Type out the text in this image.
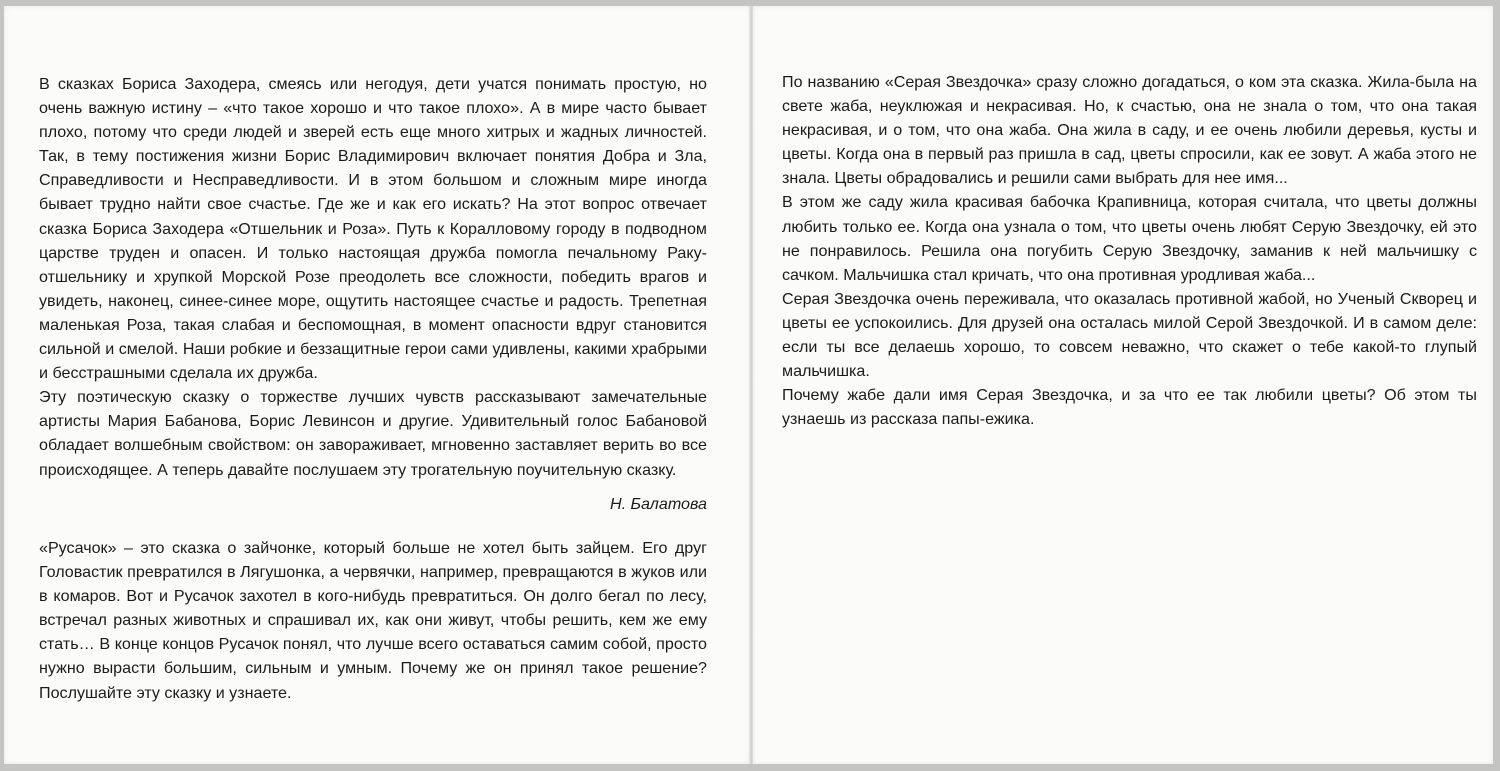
В сказках Бориса Заходера, смеясь или негодуя, дети учатся понимать простую, но очень важную истину – «что такое хорошо и что такое плохо». А в мире часто бывает плохо, потому что среди людей и зверей есть еще много хитрых и жадных личностей. Так, в тему постижения жизни Борис Владимирович включает понятия Добра и Зла, Справедливости и Несправедливости. И в этом большом и сложным мире иногда бывает трудно найти свое счастье. Где же и как его искать? На этот вопрос отвечает сказка Бориса Заходера «Отшельник и Роза». Путь к Коралловому городу в подводном царстве труден и опасен. И только настоящая дружба помогла печальному Раку-отшельнику и хрупкой Морской Розе преодолеть все сложности, победить врагов и увидеть, наконец, синее-синее море, ощутить настоящее счастье и радость. Трепетная маленькая Роза, такая слабая и беспомощная, в момент опасности вдруг становится сильной и смелой. Наши робкие и беззащитные герои сами удивлены, какими храбрыми и бесстрашными сделала их дружба.

Эту поэтическую сказку о торжестве лучших чувств рассказывают замечательные артисты Мария Бабанова, Борис Левинсон и другие. Удивительный голос Бабановой обладает волшебным свойством: он завораживает, мгновенно заставляет верить во все происходящее. А теперь давайте послушаем эту трогательную поучительную сказку.

Н. Балатова

«Русачок» – это сказка о зайчонке, который больше не хотел быть зайцем. Его друг Головастик превратился в Лягушонка, а червячки, например, превращаются в жуков или в комаров. Вот и Русачок захотел в кого-нибудь превратиться. Он долго бегал по лесу, встречал разных животных и спрашивал их, как они живут, чтобы решить, кем же ему стать… В конце концов Русачок понял, что лучше всего оставаться самим собой, просто нужно вырасти большим, сильным и умным. Почему же он принял такое решение? Послушайте эту сказку и узнаете.

По названию «Серая Звездочка» сразу сложно догадаться, о ком эта сказка. Жила-была на свете жаба, неуклюжая и некрасивая. Но, к счастью, она не знала о том, что она такая некрасивая, и о том, что она жаба. Она жила в саду, и ее очень любили деревья, кусты и цветы. Когда она в первый раз пришла в сад, цветы спросили, как ее зовут. А жаба этого не знала. Цветы обрадовались и решили сами выбрать для нее имя...

В этом же саду жила красивая бабочка Крапивница, которая считала, что цветы должны любить только ее. Когда она узнала о том, что цветы очень любят Серую Звездочку, ей это не понравилось. Решила она погубить Серую Звездочку, заманив к ней мальчишку с сачком. Мальчишка стал кричать, что она противная уродливая жаба...

Серая Звездочка очень переживала, что оказалась противной жабой, но Ученый Скворец и цветы ее успокоились. Для друзей она осталась милой Серой Звездочкой. И в самом деле: если ты все делаешь хорошо, то совсем неважно, что скажет о тебе какой-то глупый мальчишка.

Почему жабе дали имя Серая Звездочка, и за что ее так любили цветы? Об этом ты узнаешь из рассказа папы-ежика.
